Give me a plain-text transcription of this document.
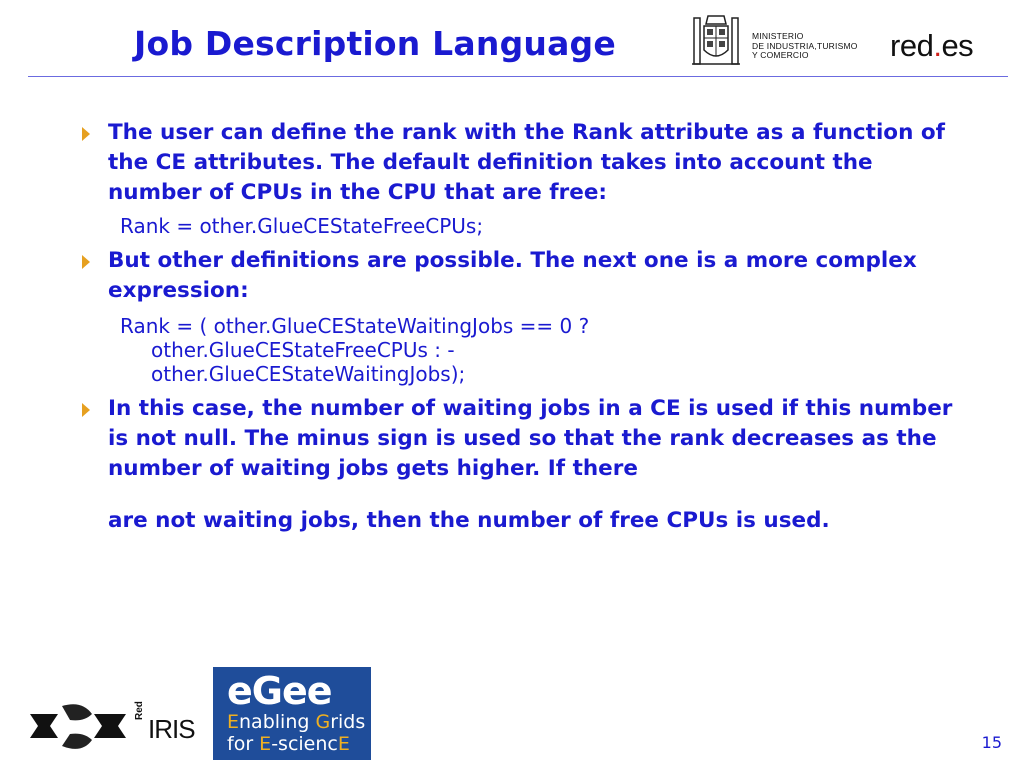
Job Description Language	MINISTERIO
DE INDUSTRIA,TURISMO
Y COMERCIO	red.es
The user can define the rank with the Rank attribute as a function of the CE attributes. The default definition takes into account the number of CPUs in the CPU that are free:
Rank = other.GlueCEStateFreeCPUs;
But other definitions are possible. The next one is a more complex expression:
Rank = ( other.GlueCEStateWaitingJobs == 0 ?
other.GlueCEStateFreeCPUs : -
other.GlueCEStateWaitingJobs);
In this case, the number of waiting jobs in a CE is used if this number is not null. The minus sign is used so that the rank decreases as the number of waiting jobs gets higher. If there
are not waiting jobs, then the number of free CPUs is used.
Red
IRIS
eGee
Enabling Grids
for E-sciencE	15
